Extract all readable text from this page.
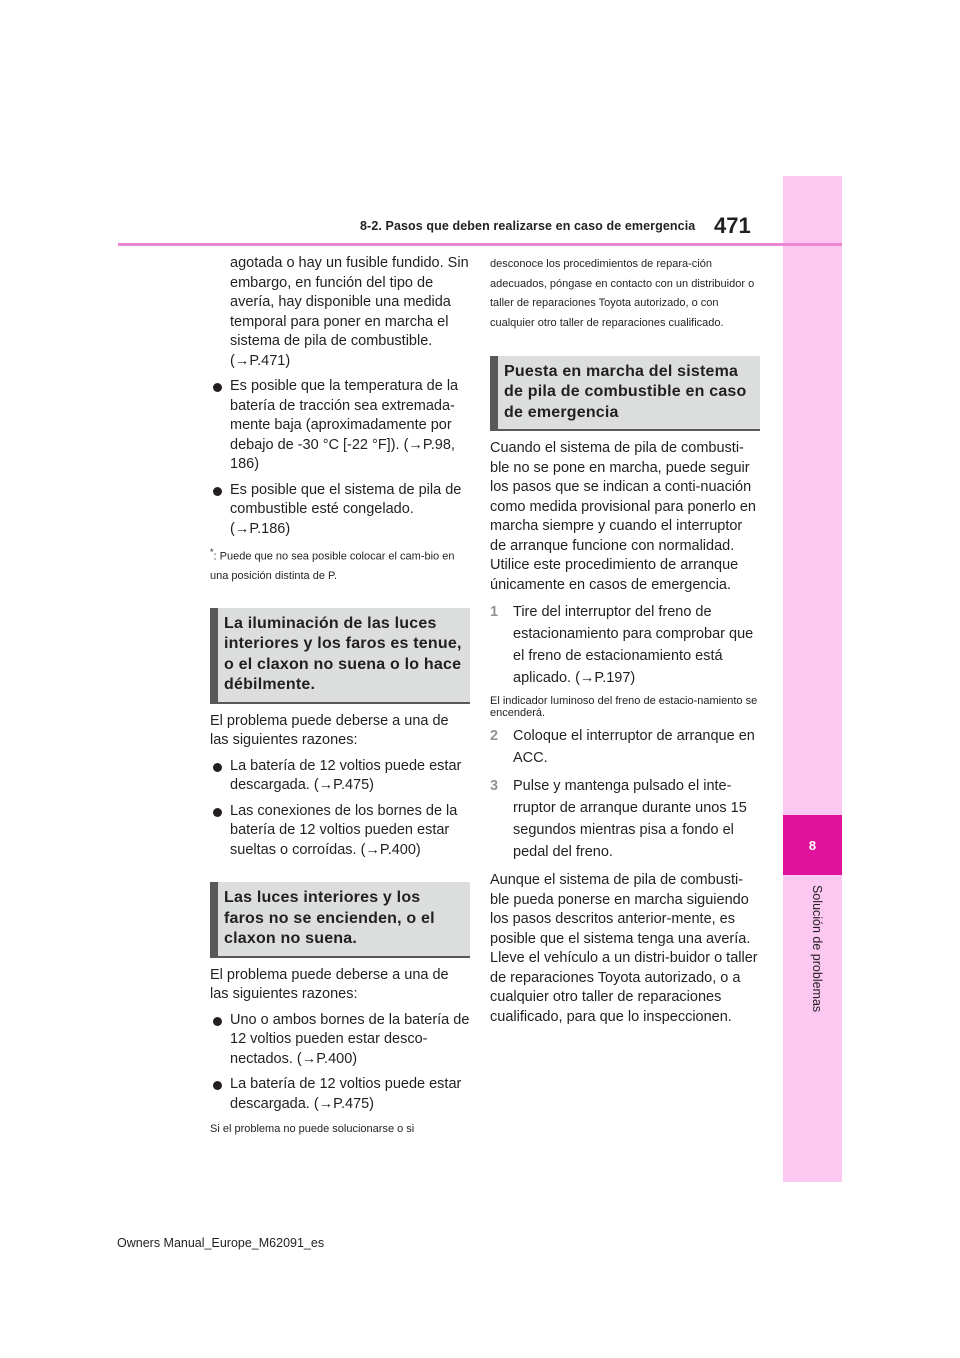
8
Solución de problemas
8-2. Pasos que deben realizarse en caso de emergencia 471

agotada o hay un fusible fundido. Sin embargo, en función del tipo de avería, hay disponible una medida temporal para poner en marcha el sistema de pila de combustible. (→P.471)

Es posible que la temperatura de la batería de tracción sea extremada-mente baja (aproximadamente por debajo de -30 °C [-22 °F]). (→P.98, 186)

Es posible que el sistema de pila de combustible esté congelado. (→P.186)

*: Puede que no sea posible colocar el cam-bio en una posición distinta de P.

La iluminación de las luces interiores y los faros es tenue, o el claxon no suena o lo hace débilmente.

El problema puede deberse a una de las siguientes razones:

La batería de 12 voltios puede estar descargada. (→P.475)

Las conexiones de los bornes de la batería de 12 voltios pueden estar sueltas o corroídas. (→P.400)

Las luces interiores y los faros no se encienden, o el claxon no suena.

El problema puede deberse a una de las siguientes razones:

Uno o ambos bornes de la batería de 12 voltios pueden estar desco-nectados. (→P.400)

La batería de 12 voltios puede estar descargada. (→P.475)

Si el problema no puede solucionarse o si

desconoce los procedimientos de repara-ción adecuados, póngase en contacto con un distribuidor o taller de reparaciones Toyota autorizado, o con cualquier otro taller de reparaciones cualificado.

Puesta en marcha del sistema de pila de combustible en caso de emergencia

Cuando el sistema de pila de combusti-ble no se pone en marcha, puede seguir los pasos que se indican a conti-nuación como medida provisional para ponerlo en marcha siempre y cuando el interruptor de arranque funcione con normalidad.

Utilice este procedimiento de arranque únicamente en casos de emergencia.

1 Tire del interruptor del freno de estacionamiento para comprobar que el freno de estacionamiento está aplicado. (→P.197)

El indicador luminoso del freno de estacio-namiento se encenderá.

2 Coloque el interruptor de arranque en ACC.
3 Pulse y mantenga pulsado el inte-rruptor de arranque durante unos 15 segundos mientras pisa a fondo el pedal del freno.

Aunque el sistema de pila de combusti-ble pueda ponerse en marcha siguiendo los pasos descritos anterior-mente, es posible que el sistema tenga una avería. Lleve el vehículo a un distri-buidor o taller de reparaciones Toyota autorizado, o a cualquier otro taller de reparaciones cualificado, para que lo inspeccionen.

Owners Manual_Europe_M62091_es
